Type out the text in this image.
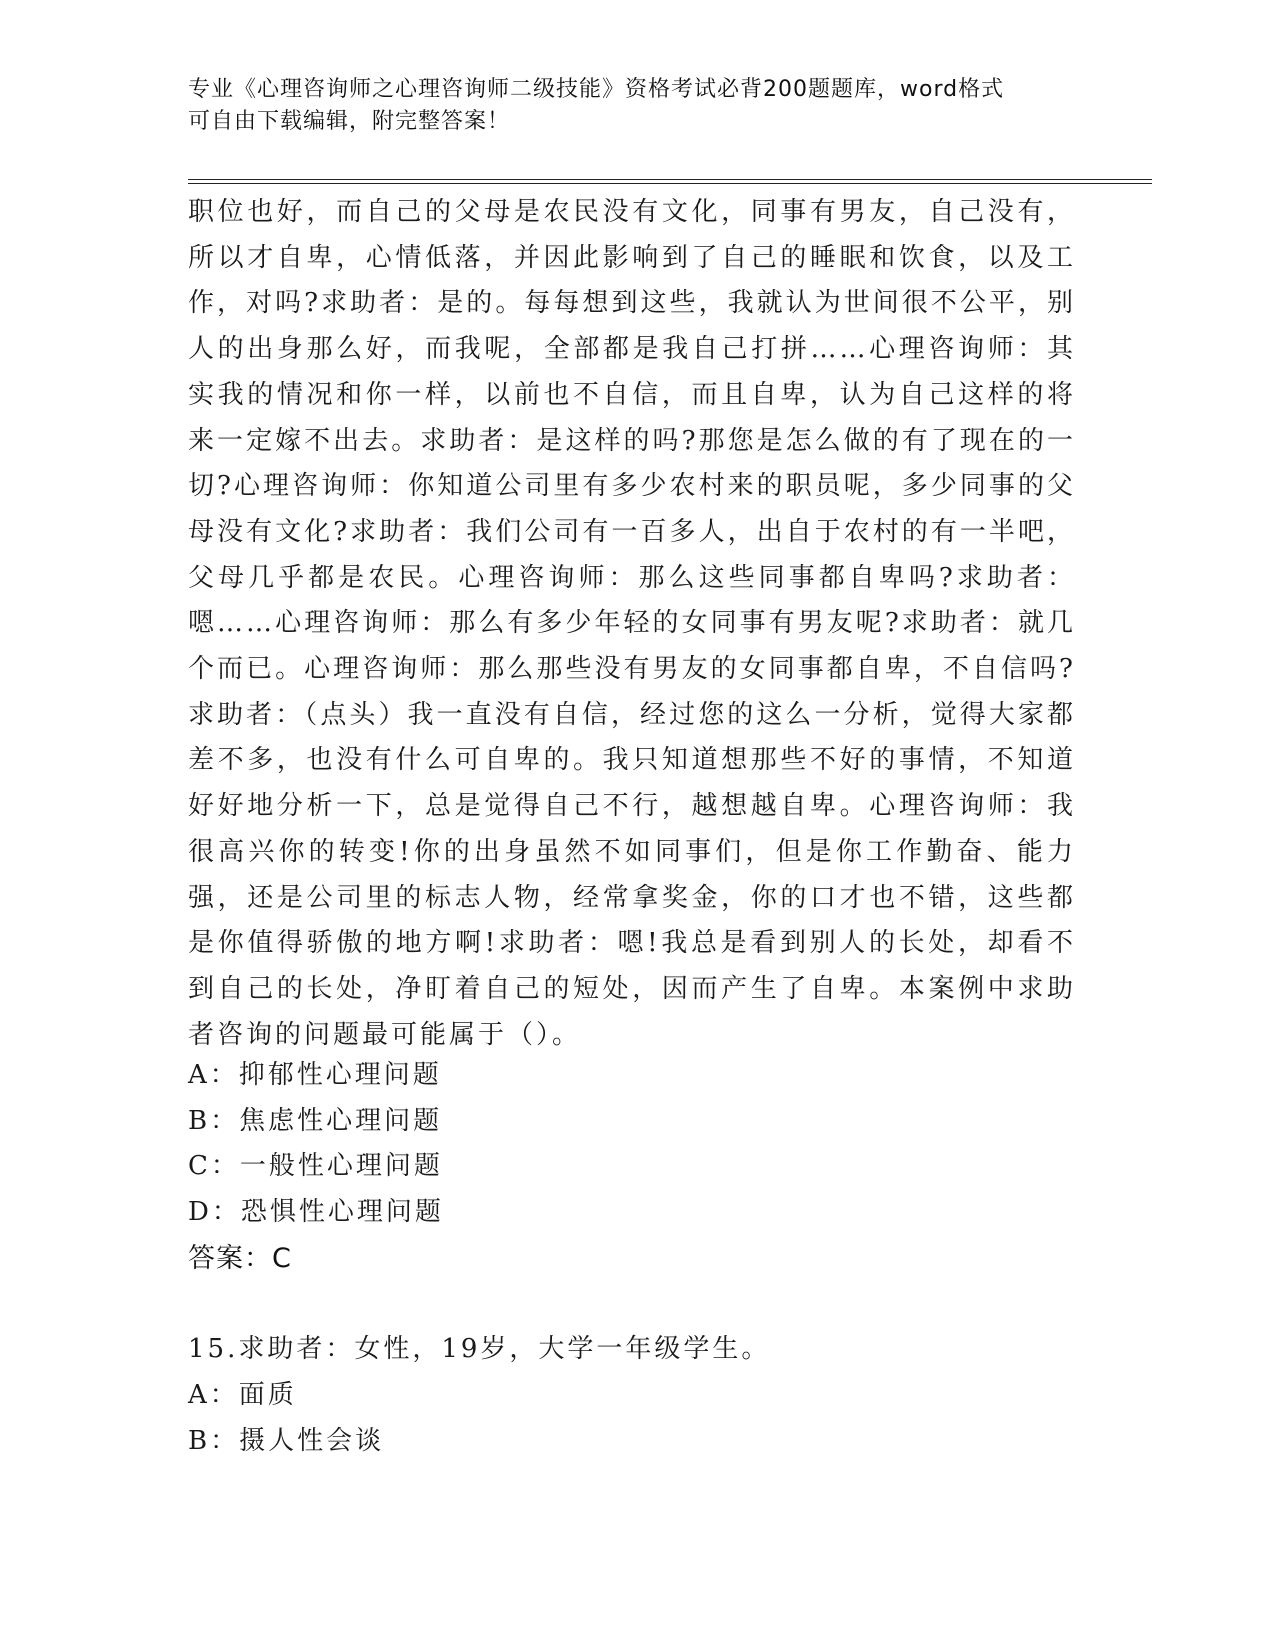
专业《心理咨询师之心理咨询师二级技能》资格考试必背200题题库，word格式
可自由下载编辑，附完整答案！
职位也好，而自己的父母是农民没有文化，同事有男友，自己没有，所以才自卑，心情低落，并因此影响到了自己的睡眠和饮食，以及工作，对吗?求助者：是的。每每想到这些，我就认为世间很不公平，别人的出身那么好，而我呢，全部都是我自己打拼……心理咨询师：其实我的情况和你一样，以前也不自信，而且自卑，认为自己这样的将来一定嫁不出去。求助者：是这样的吗?那您是怎么做的有了现在的一切?心理咨询师：你知道公司里有多少农村来的职员呢，多少同事的父母没有文化?求助者：我们公司有一百多人，出自于农村的有一半吧，父母几乎都是农民。心理咨询师：那么这些同事都自卑吗?求助者：嗯……心理咨询师：那么有多少年轻的女同事有男友呢?求助者：就几个而已。心理咨询师：那么那些没有男友的女同事都自卑，不自信吗?求助者：（点头）我一直没有自信，经过您的这么一分析，觉得大家都差不多，也没有什么可自卑的。我只知道想那些不好的事情，不知道好好地分析一下，总是觉得自己不行，越想越自卑。心理咨询师：我很高兴你的转变!你的出身虽然不如同事们，但是你工作勤奋、能力强，还是公司里的标志人物，经常拿奖金，你的口才也不错，这些都是你值得骄傲的地方啊!求助者：嗯!我总是看到别人的长处，却看不到自己的长处，净盯着自己的短处，因而产生了自卑。本案例中求助者咨询的问题最可能属于（）。
A：抑郁性心理问题
B：焦虑性心理问题
C：一般性心理问题
D：恐惧性心理问题
答案：C
15.求助者：女性，19岁，大学一年级学生。
A：面质
B：摄人性会谈
